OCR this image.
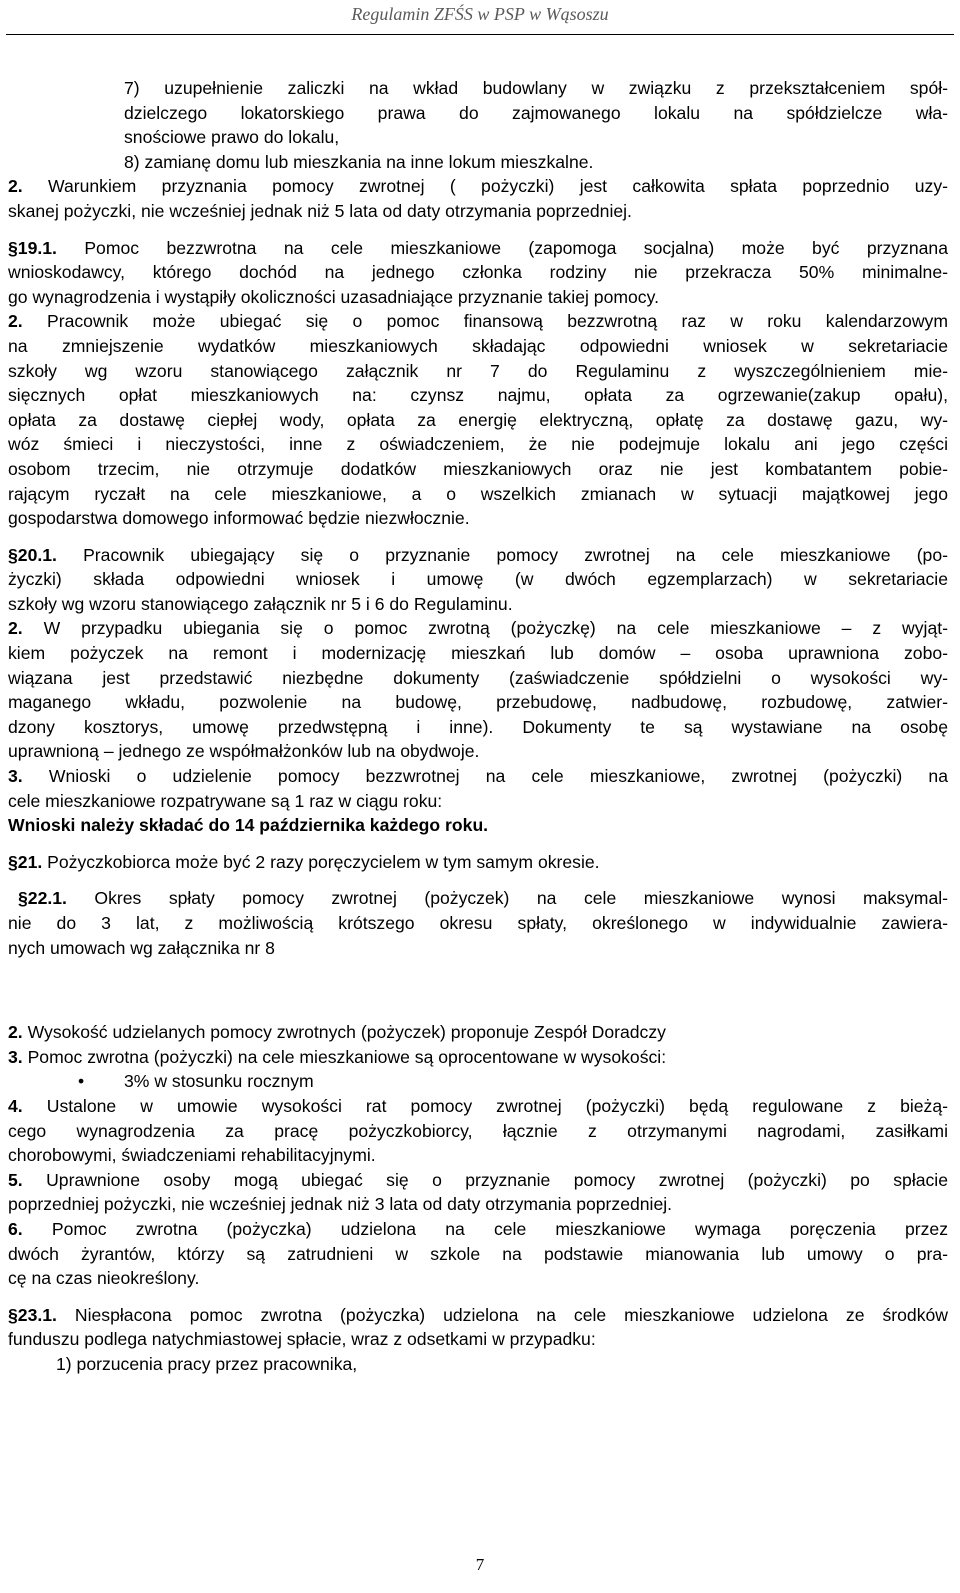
Regulamin ZFŚS w PSP w Wąsoszu
7) uzupełnienie zaliczki na wkład budowlany w związku z przekształceniem spół-
dzielczego lokatorskiego prawa do zajmowanego lokalu na spółdzielcze wła-
snościowe prawo do lokalu,
8) zamianę domu lub mieszkania na inne lokum mieszkalne.
2. Warunkiem przyznania pomocy zwrotnej ( pożyczki) jest całkowita spłata poprzednio uzy-
skanej pożyczki, nie wcześniej jednak niż 5 lata od daty otrzymania poprzedniej.
§19.1. Pomoc bezzwrotna na cele mieszkaniowe (zapomoga socjalna) może być przyznana
wnioskodawcy, którego dochód na jednego członka rodziny nie przekracza 50% minimalne-
go wynagrodzenia i wystąpiły okoliczności uzasadniające przyznanie takiej pomocy.
2. Pracownik może ubiegać się o pomoc finansową bezzwrotną raz w roku kalendarzowym
na zmniejszenie wydatków mieszkaniowych składając odpowiedni wniosek w sekretariacie
szkoły wg wzoru stanowiącego załącznik nr 7 do Regulaminu z wyszczególnieniem mie-
sięcznych opłat mieszkaniowych na: czynsz najmu, opłata za ogrzewanie(zakup opału),
opłata za dostawę ciepłej wody, opłata za energię elektryczną, opłatę za dostawę gazu, wy-
wóz śmieci i nieczystości, inne z oświadczeniem, że nie podejmuje lokalu ani jego części
osobom trzecim, nie otrzymuje dodatków mieszkaniowych oraz nie jest kombatantem pobie-
rającym ryczałt na cele mieszkaniowe, a o wszelkich zmianach w sytuacji majątkowej jego
gospodarstwa domowego informować będzie niezwłocznie.
§20.1. Pracownik ubiegający się o przyznanie pomocy zwrotnej na cele mieszkaniowe (po-
życzki) składa odpowiedni wniosek i umowę (w dwóch egzemplarzach) w sekretariacie
szkoły wg wzoru stanowiącego załącznik nr 5 i 6 do Regulaminu.
2. W przypadku ubiegania się o pomoc zwrotną (pożyczkę) na cele mieszkaniowe – z wyjąt-
kiem pożyczek na remont i modernizację mieszkań lub domów – osoba uprawniona zobo-
wiązana jest przedstawić niezbędne dokumenty (zaświadczenie spółdzielni o wysokości wy-
maganego wkładu, pozwolenie na budowę, przebudowę, nadbudowę, rozbudowę, zatwier-
dzony kosztorys, umowę przedwstępną i inne). Dokumenty te są wystawiane na osobę
uprawnioną – jednego ze współmałżonków lub na obydwoje.
3. Wnioski o udzielenie pomocy bezzwrotnej na cele mieszkaniowe, zwrotnej (pożyczki) na
cele mieszkaniowe rozpatrywane są 1 raz w ciągu roku:
Wnioski należy składać do 14 października każdego roku.
§21. Pożyczkobiorca może być 2 razy poręczycielem w tym samym okresie.
§22.1. Okres spłaty pomocy zwrotnej (pożyczek) na cele mieszkaniowe wynosi maksymal-
nie do 3 lat, z możliwością krótszego okresu spłaty, określonego w indywidualnie zawiera-
nych umowach wg załącznika nr 8
2. Wysokość udzielanych pomocy zwrotnych (pożyczek) proponuje Zespół Doradczy
3. Pomoc zwrotna (pożyczki) na cele mieszkaniowe są oprocentowane w wysokości:
• 3% w stosunku rocznym
4. Ustalone w umowie wysokości rat pomocy zwrotnej (pożyczki) będą regulowane z bieżą-
cego wynagrodzenia za pracę pożyczkobiorcy, łącznie z otrzymanymi nagrodami, zasiłkami
chorobowymi, świadczeniami rehabilitacyjnymi.
5. Uprawnione osoby mogą ubiegać się o przyznanie pomocy zwrotnej (pożyczki) po spłacie
poprzedniej pożyczki, nie wcześniej jednak niż 3 lata od daty otrzymania poprzedniej.
6. Pomoc zwrotna (pożyczka) udzielona na cele mieszkaniowe wymaga poręczenia przez
dwóch żyrantów, którzy są zatrudnieni w szkole na podstawie mianowania lub umowy o pra-
cę na czas nieokreślony.
§23.1. Niespłacona pomoc zwrotna (pożyczka) udzielona na cele mieszkaniowe udzielona ze środków
funduszu podlega natychmiastowej spłacie, wraz z odsetkami w przypadku:
1) porzucenia pracy przez pracownika,
7
